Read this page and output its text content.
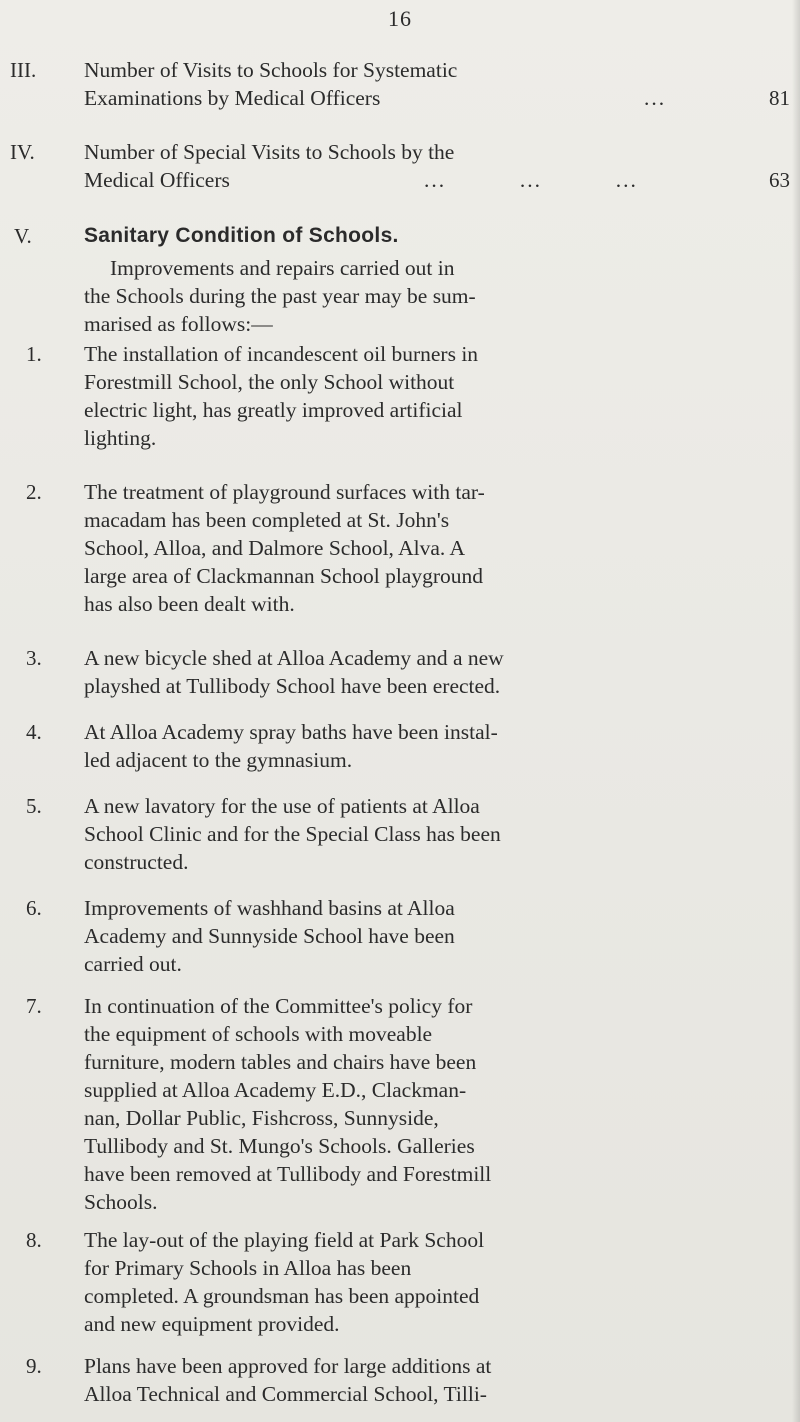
16
III.	Number of Visits to Schools for Systematic
Examinations by Medical Officers	...	81
IV.	Number of Special Visits to Schools by the
Medical Officers	...          ...          ...	63
V.	Sanitary Condition of Schools.
Improvements and repairs carried out in
the Schools during the past year may be sum-
marised as follows:—
1.	The installation of incandescent oil burners in
Forestmill School, the only School without
electric light, has greatly improved artificial
lighting.
2.	The treatment of playground surfaces with tar-
macadam has been completed at St. John's
School, Alloa, and Dalmore School, Alva. A
large area of Clackmannan School playground
has also been dealt with.
3.	A new bicycle shed at Alloa Academy and a new
playshed at Tullibody School have been erected.
4.	At Alloa Academy spray baths have been instal-
led adjacent to the gymnasium.
5.	A new lavatory for the use of patients at Alloa
School Clinic and for the Special Class has been
constructed.
6.	Improvements of washhand basins at Alloa
Academy and Sunnyside School have been
carried out.
7.	In continuation of the Committee's policy for
the equipment of schools with moveable
furniture, modern tables and chairs have been
supplied at Alloa Academy E.D., Clackman-
nan, Dollar Public, Fishcross, Sunnyside,
Tullibody and St. Mungo's Schools. Galleries
have been removed at Tullibody and Forestmill
Schools.
8.	The lay-out of the playing field at Park School
for Primary Schools in Alloa has been
completed. A groundsman has been appointed
and new equipment provided.
9.	Plans have been approved for large additions at
Alloa Technical and Commercial School, Tilli-
